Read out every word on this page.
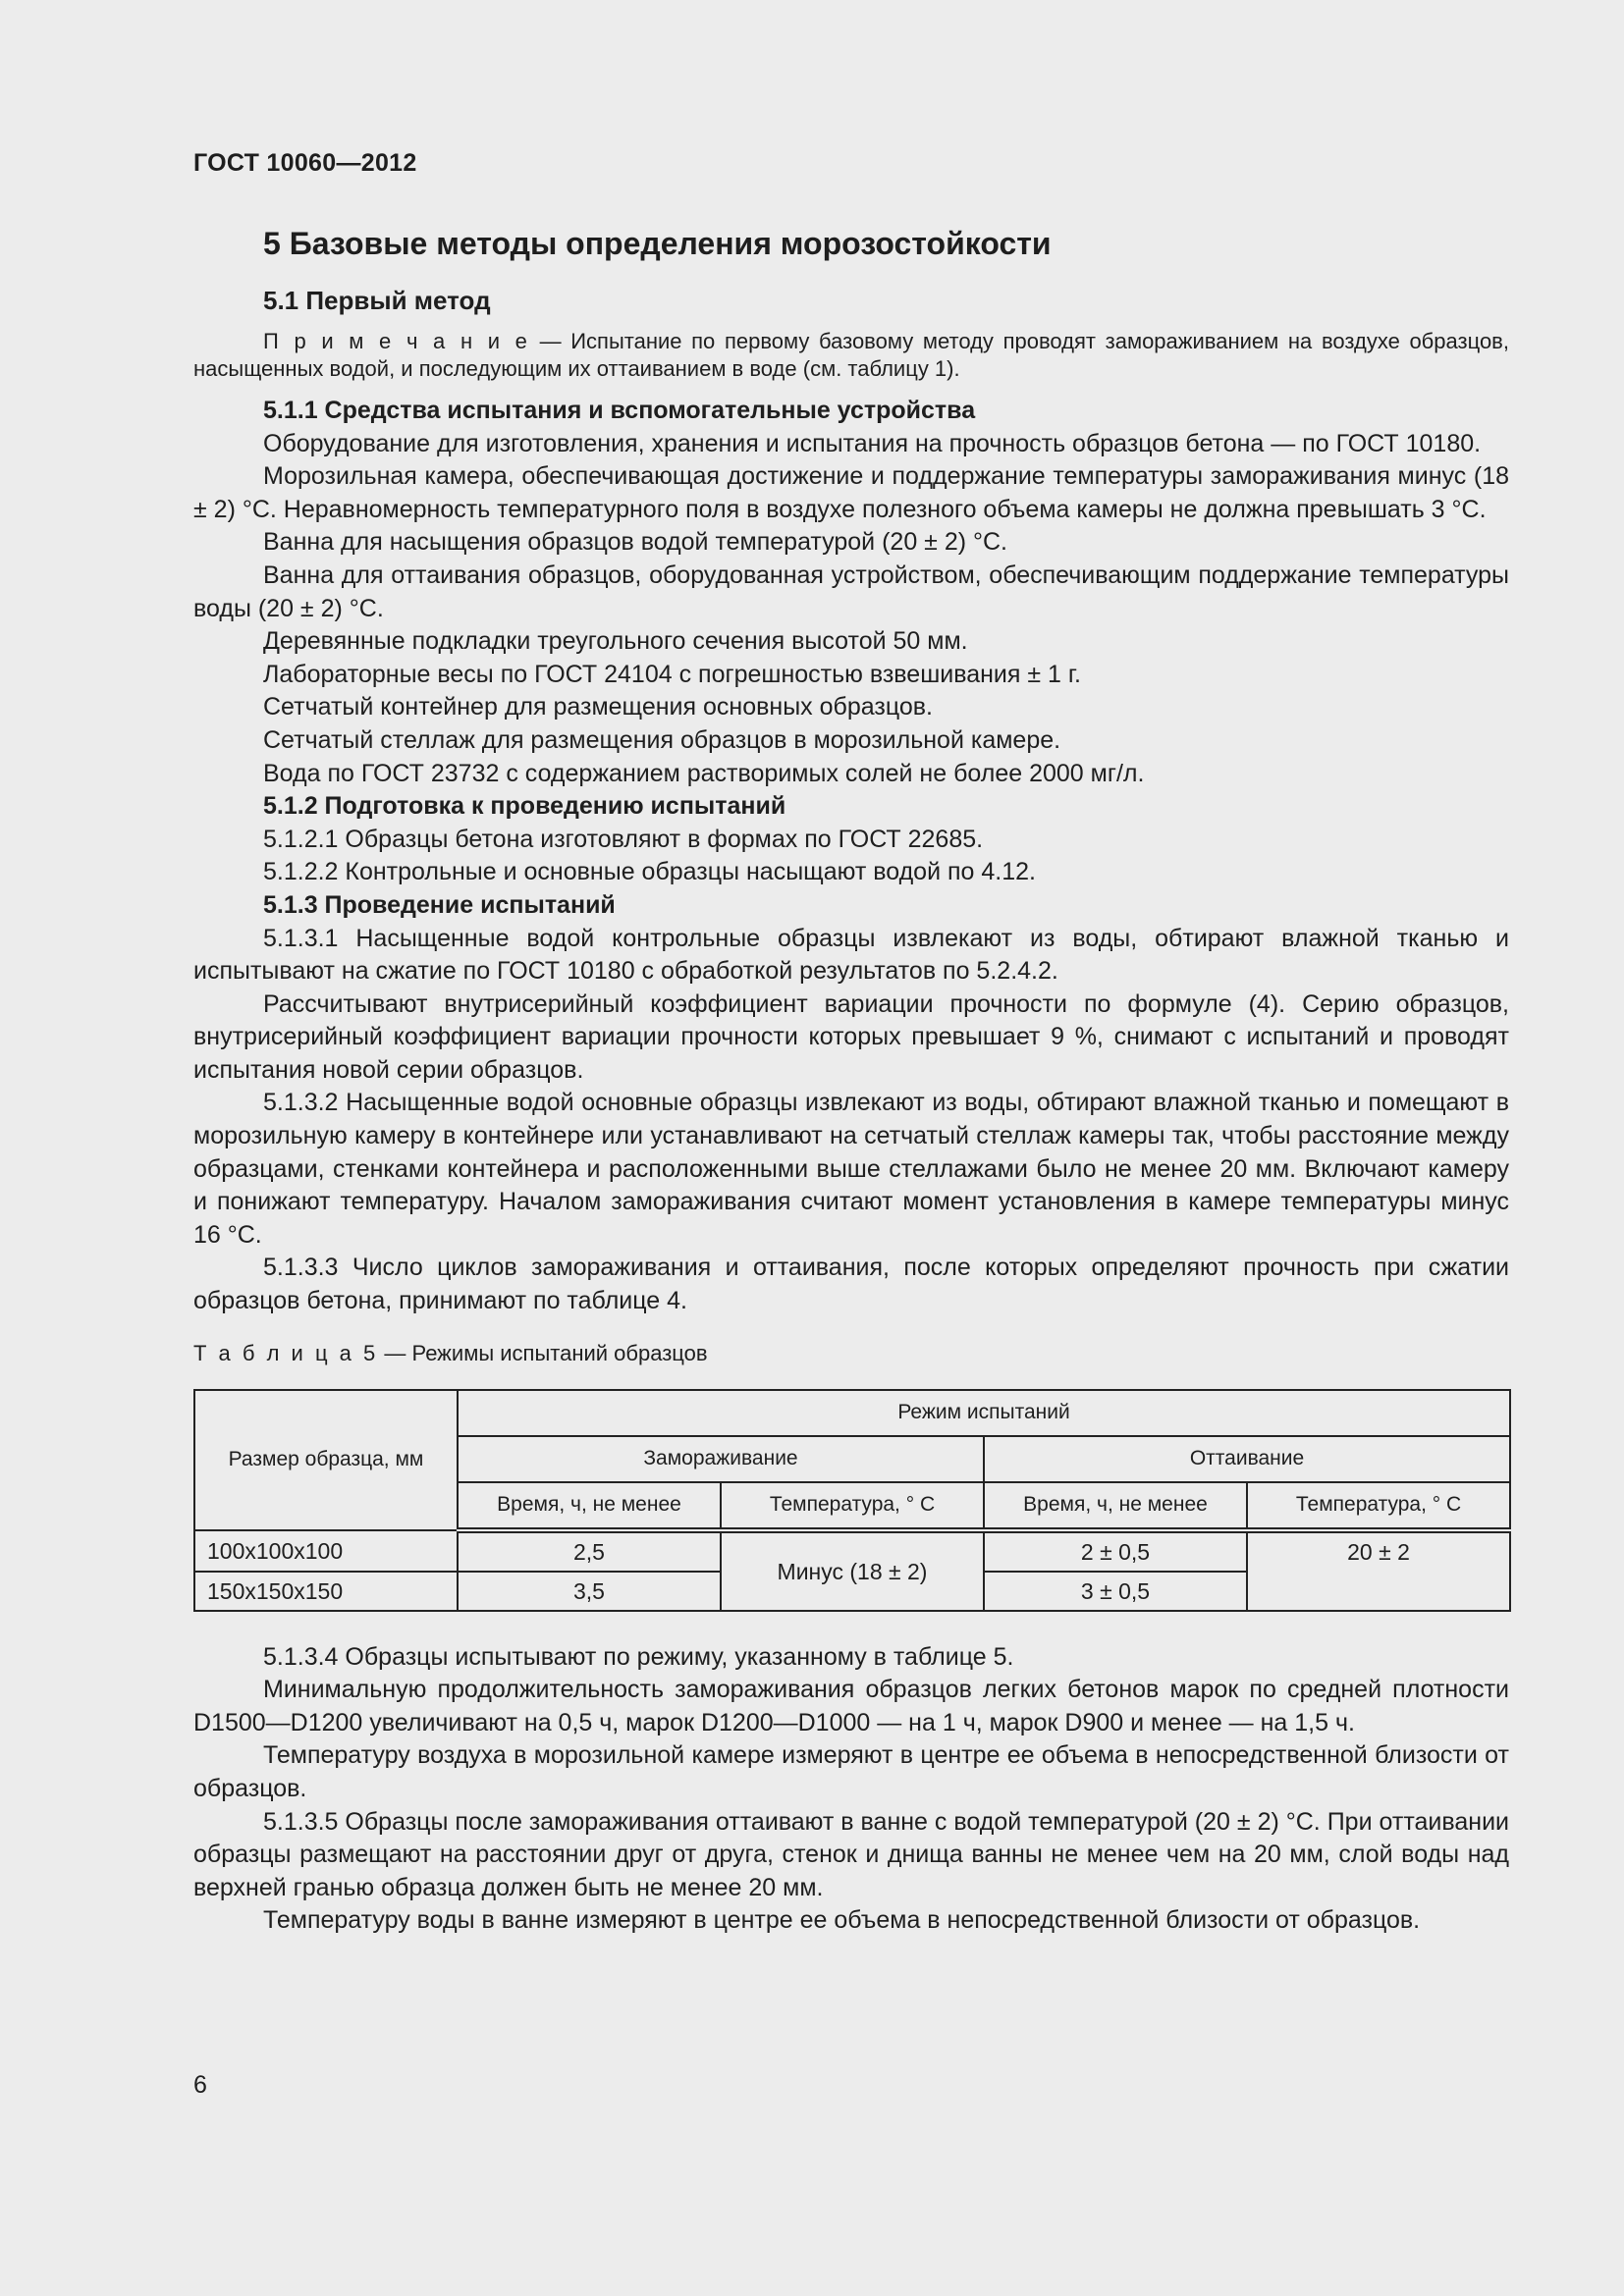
ГОСТ 10060—2012
5 Базовые методы определения морозостойкости
5.1 Первый метод

П р и м е ч а н и е — Испытание по первому базовому методу проводят замораживанием на воздухе образцов, насыщенных водой, и последующим их оттаиванием в воде (см. таблицу 1).

5.1.1 Средства испытания и вспомогательные устройства

Оборудование для изготовления, хранения и испытания на прочность образцов бетона — по ГОСТ 10180.

Морозильная камера, обеспечивающая достижение и поддержание температуры замораживания минус (18 ± 2) °С. Неравномерность температурного поля в воздухе полезного объема камеры не должна превышать 3 °С.

Ванна для насыщения образцов водой температурой (20 ± 2) °С.

Ванна для оттаивания образцов, оборудованная устройством, обеспечивающим поддержание температуры воды (20 ± 2) °С.

Деревянные подкладки треугольного сечения высотой 50 мм.

Лабораторные весы по ГОСТ 24104 с погрешностью взвешивания ± 1 г.

Сетчатый контейнер для размещения основных образцов.

Сетчатый стеллаж для размещения образцов в морозильной камере.

Вода по ГОСТ 23732 с содержанием растворимых солей не более 2000 мг/л.

5.1.2 Подготовка к проведению испытаний

5.1.2.1 Образцы бетона изготовляют в формах по ГОСТ 22685.

5.1.2.2 Контрольные и основные образцы насыщают водой по 4.12.

5.1.3 Проведение испытаний

5.1.3.1 Насыщенные водой контрольные образцы извлекают из воды, обтирают влажной тканью и испытывают на сжатие по ГОСТ 10180 с обработкой результатов по 5.2.4.2.

Рассчитывают внутрисерийный коэффициент вариации прочности по формуле (4). Серию образцов, внутрисерийный коэффициент вариации прочности которых превышает 9 %, снимают с испытаний и проводят испытания новой серии образцов.

5.1.3.2 Насыщенные водой основные образцы извлекают из воды, обтирают влажной тканью и помещают в морозильную камеру в контейнере или устанавливают на сетчатый стеллаж камеры так, чтобы расстояние между образцами, стенками контейнера и расположенными выше стеллажами было не менее 20 мм. Включают камеру и понижают температуру. Началом замораживания считают момент установления в камере температуры минус 16 °С.

5.1.3.3 Число циклов замораживания и оттаивания, после которых определяют прочность при сжатии образцов бетона, принимают по таблице 4.

Т а б л и ц а 5 — Режимы испытаний образцов
Размер образца, мм	Режим испытаний			
	Замораживание		Оттаивание	
	Время, ч, не менее	Температура, ° С	Время, ч, не менее	Температура, ° С
100x100x100	2,5	Минус (18 ± 2)	2 ± 0,5	20 ± 2
150x150x150	3,5		3 ± 0,5	

5.1.3.4 Образцы испытывают по режиму, указанному в таблице 5.

Минимальную продолжительность замораживания образцов легких бетонов марок по средней плотности D1500—D1200 увеличивают на 0,5 ч, марок D1200—D1000 — на 1 ч, марок D900 и менее — на 1,5 ч.

Температуру воздуха в морозильной камере измеряют в центре ее объема в непосредственной близости от образцов.

5.1.3.5 Образцы после замораживания оттаивают в ванне с водой температурой (20 ± 2) °С. При оттаивании образцы размещают на расстоянии друг от друга, стенок и днища ванны не менее чем на 20 мм, слой воды над верхней гранью образца должен быть не менее 20 мм.

Температуру воды в ванне измеряют в центре ее объема в непосредственной близости от образцов.

6
